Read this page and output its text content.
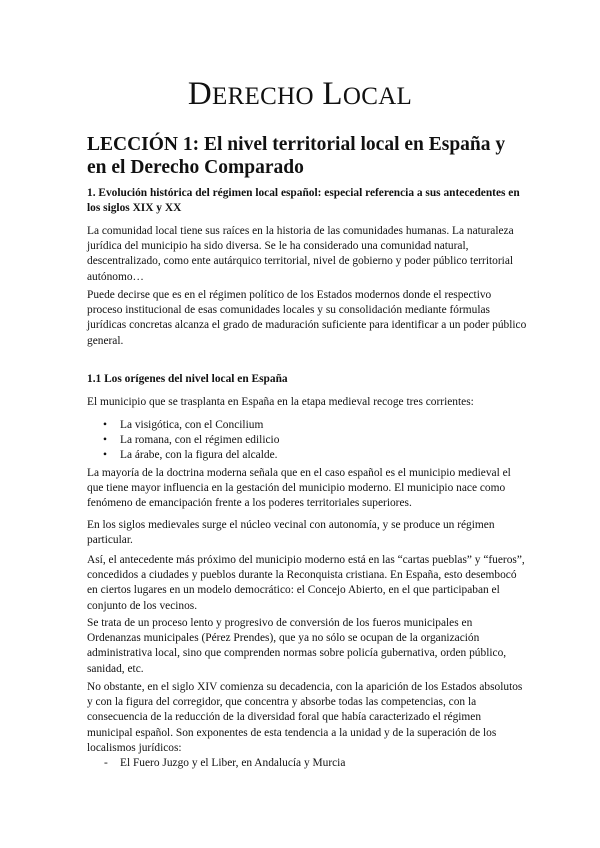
DERECHO LOCAL
LECCIÓN 1: El nivel territorial local en España y en el Derecho Comparado
1. Evolución histórica del régimen local español: especial referencia a sus antecedentes en los siglos XIX y XX
La comunidad local tiene sus raíces en la historia de las comunidades humanas. La naturaleza jurídica del municipio ha sido diversa. Se le ha considerado una comunidad natural, descentralizado, como ente autárquico territorial, nivel de gobierno y poder público territorial autónomo…
Puede decirse que es en el régimen político de los Estados modernos donde el respectivo proceso institucional de esas comunidades locales y su consolidación mediante fórmulas jurídicas concretas alcanza el grado de maduración suficiente para identificar a un poder público general.
1.1 Los orígenes del nivel local en España
El municipio que se trasplanta en España en la etapa medieval recoge tres corrientes:
• La visigótica, con el Concilium
• La romana, con el régimen edilicio
• La árabe, con la figura del alcalde.
La mayoría de la doctrina moderna señala que en el caso español es el municipio medieval el que tiene mayor influencia en la gestación del municipio moderno. El municipio nace como fenómeno de emancipación frente a los poderes territoriales superiores.
En los siglos medievales surge el núcleo vecinal con autonomía, y se produce un régimen particular.
Así, el antecedente más próximo del municipio moderno está en las “cartas pueblas” y “fueros”, concedidos a ciudades y pueblos durante la Reconquista cristiana. En España, esto desembocó en ciertos lugares en un modelo democrático: el Concejo Abierto, en el que participaban el conjunto de los vecinos.
Se trata de un proceso lento y progresivo de conversión de los fueros municipales en Ordenanzas municipales (Pérez Prendes), que ya no sólo se ocupan de la organización administrativa local, sino que comprenden normas sobre policía gubernativa, orden público, sanidad, etc.
No obstante, en el siglo XIV comienza su decadencia, con la aparición de los Estados absolutos y con la figura del corregidor, que concentra y absorbe todas las competencias, con la consecuencia de la reducción de la diversidad foral que había caracterizado el régimen municipal español. Son exponentes de esta tendencia a la unidad y de la superación de los localismos jurídicos:
- El Fuero Juzgo y el Liber, en Andalucía y Murcia
